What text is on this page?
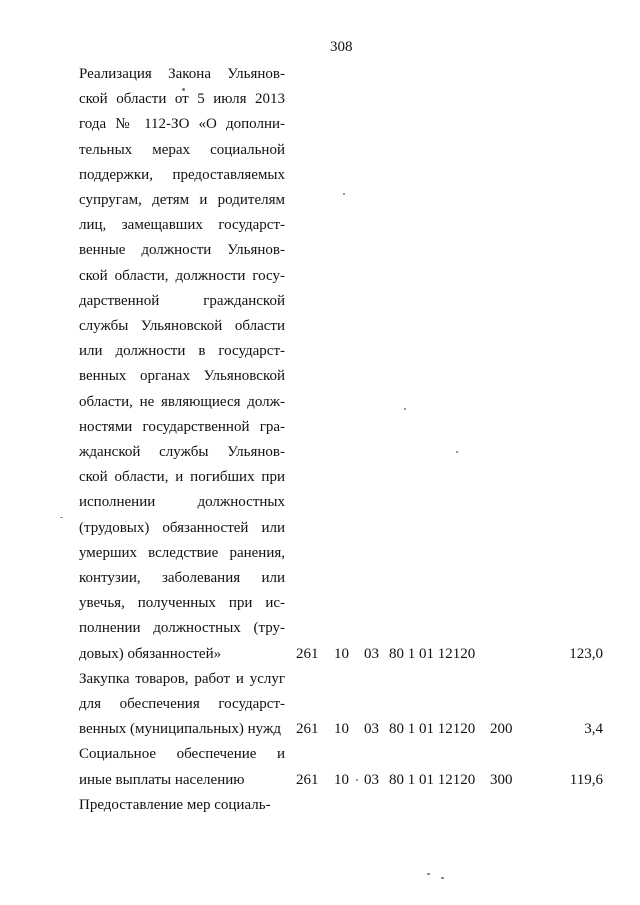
308
Реализация Закона Ульянов-
ской области от 5 июля 2013
года № 112-ЗО «О дополни-
тельных мерах социальной
поддержки, предоставляемых
супругам, детям и родителям
лиц, замещавших государст-
венные должности Ульянов-
ской области, должности госу-
дарственной гражданской
службы Ульяновской области
или должности в государст-
венных органах Ульяновской
области, не являющиеся долж-
ностями государственной гра-
жданской службы Ульянов-
ской области, и погибших при
исполнении должностных
(трудовых) обязанностей или
умерших вследствие ранения,
контузии, заболевания или
увечья, полученных при ис-
полнении должностных (тру-
довых) обязанностей»	261 10 03 80 1 01 12120	123,0
Закупка товаров, работ и услуг
для обеспечения государст-
венных (муниципальных) нужд 261 10 03 80 1 01 12120 200	3,4
Социальное обеспечение и
иные выплаты населению	261 10 03 80 1 01 12120 300	119,6
Предоставление мер социаль-
